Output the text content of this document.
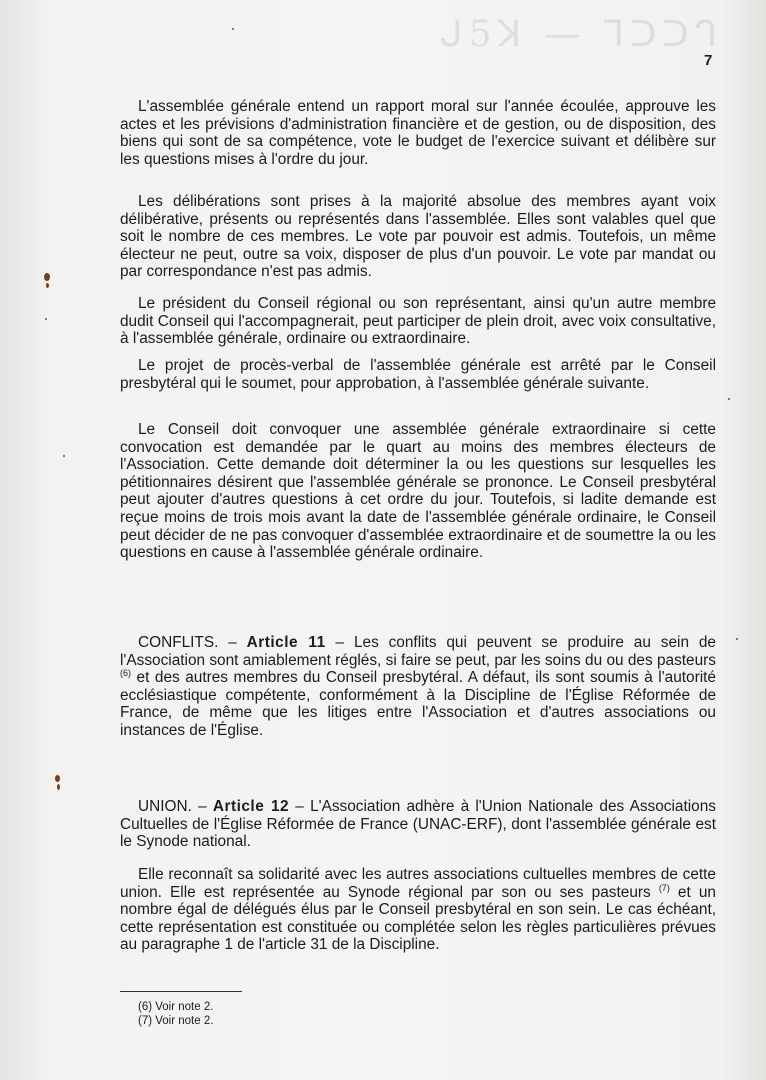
ᒍ5ꓘ — ⅂ᑐᑐᒉ
7

L'assemblée générale entend un rapport moral sur l'année écoulée, approuve les actes et les prévisions d'administration financière et de gestion, ou de disposition, des biens qui sont de sa compétence, vote le budget de l'exercice suivant et délibère sur les questions mises à l'ordre du jour.

Les délibérations sont prises à la majorité absolue des membres ayant voix délibérative, présents ou représentés dans l'assemblée. Elles sont valables quel que soit le nombre de ces membres. Le vote par pouvoir est admis. Toutefois, un même électeur ne peut, outre sa voix, disposer de plus d'un pouvoir. Le vote par mandat ou par correspondance n'est pas admis.

Le président du Conseil régional ou son représentant, ainsi qu'un autre membre dudit Conseil qui l'accompagnerait, peut participer de plein droit, avec voix consultative, à l'assemblée générale, ordinaire ou extraordinaire.

Le projet de procès-verbal de l'assemblée générale est arrêté par le Conseil presbytéral qui le soumet, pour approbation, à l'assemblée générale suivante.

Le Conseil doit convoquer une assemblée générale extraordinaire si cette convocation est demandée par le quart au moins des membres électeurs de l'Association. Cette demande doit déterminer la ou les questions sur lesquelles les pétitionnaires désirent que l'assemblée générale se prononce. Le Conseil presbytéral peut ajouter d'autres questions à cet ordre du jour. Toutefois, si ladite demande est reçue moins de trois mois avant la date de l'assemblée générale ordinaire, le Conseil peut décider de ne pas convoquer d'assemblée extraordinaire et de soumettre la ou les questions en cause à l'assemblée générale ordinaire.

CONFLITS. – Article 11 – Les conflits qui peuvent se produire au sein de l'Association sont amiablement réglés, si faire se peut, par les soins du ou des pasteurs $^{(6)}$ et des autres membres du Conseil presbytéral. A défaut, ils sont soumis à l'autorité ecclésiastique compétente, conformément à la Discipline de l'Église Réformée de France, de même que les litiges entre l'Association et d'autres associations ou instances de l'Église.

UNION. – Article 12 – L'Association adhère à l'Union Nationale des Associations Cultuelles de l'Église Réformée de France (UNAC-ERF), dont l'assemblée générale est le Synode national.

Elle reconnaît sa solidarité avec les autres associations cultuelles membres de cette union. Elle est représentée au Synode régional par son ou ses pasteurs $^{(7)}$ et un nombre égal de délégués élus par le Conseil presbytéral en son sein. Le cas échéant, cette représentation est constituée ou complétée selon les règles particulières prévues au paragraphe 1 de l'article 31 de la Discipline.

(6) Voir note 2.
(7) Voir note 2.
